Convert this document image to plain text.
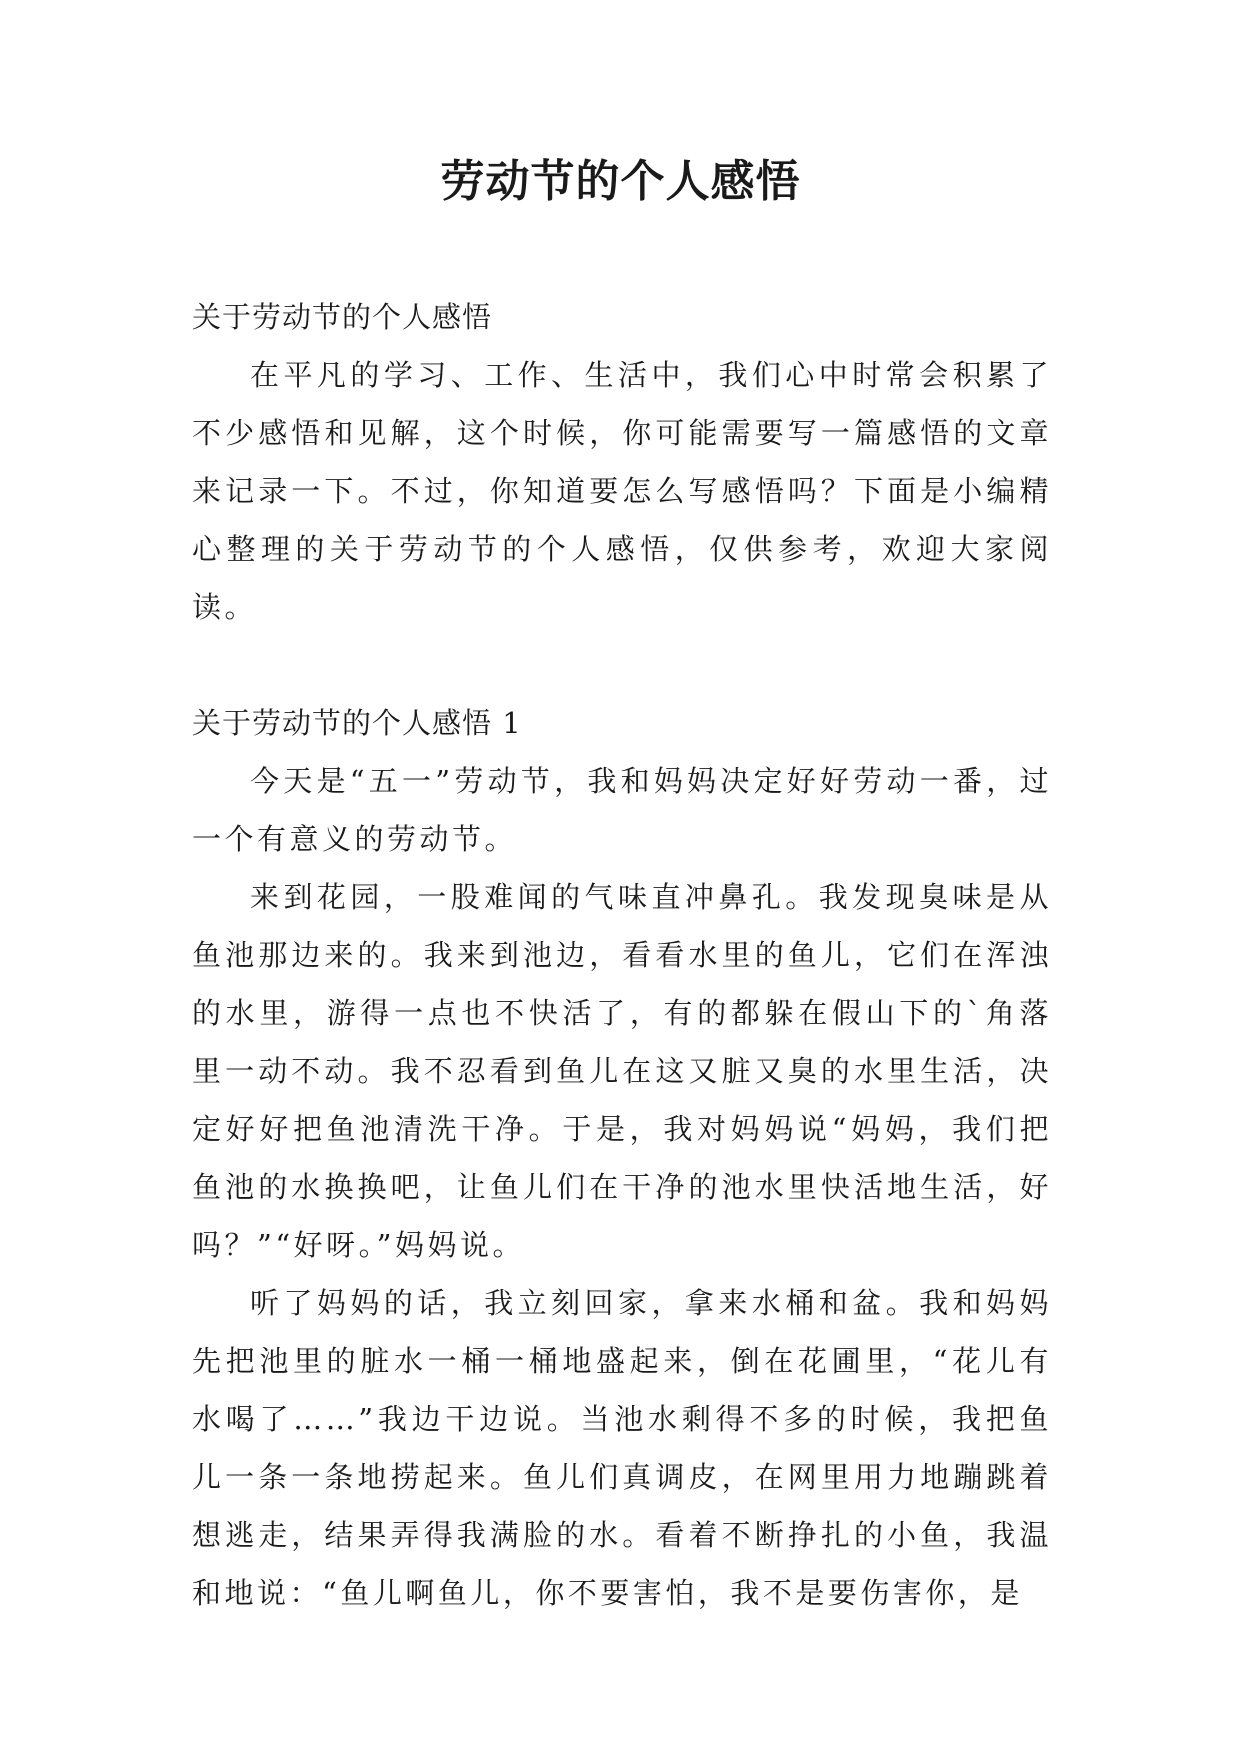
劳动节的个人感悟

关于劳动节的个人感悟

在平凡的学习、工作、生活中，我们心中时常会积累了不少感悟和见解，这个时候，你可能需要写一篇感悟的文章来记录一下。不过，你知道要怎么写感悟吗？下面是小编精心整理的关于劳动节的个人感悟，仅供参考，欢迎大家阅读。

关于劳动节的个人感悟 1

今天是“五一”劳动节，我和妈妈决定好好劳动一番，过一个有意义的劳动节。

来到花园，一股难闻的气味直冲鼻孔。我发现臭味是从鱼池那边来的。我来到池边，看看水里的鱼儿，它们在浑浊的水里，游得一点也不快活了，有的都躲在假山下的`角落里一动不动。我不忍看到鱼儿在这又脏又臭的水里生活，决定好好把鱼池清洗干净。于是，我对妈妈说“妈妈，我们把鱼池的水换换吧，让鱼儿们在干净的池水里快活地生活，好吗？”“好呀。”妈妈说。

听了妈妈的话，我立刻回家，拿来水桶和盆。我和妈妈先把池里的脏水一桶一桶地盛起来，倒在花圃里，“花儿有水喝了……”我边干边说。当池水剩得不多的时候，我把鱼儿一条一条地捞起来。鱼儿们真调皮，在网里用力地蹦跳着想逃走，结果弄得我满脸的水。看着不断挣扎的小鱼，我温和地说：“鱼儿啊鱼儿，你不要害怕，我不是要伤害你，是
